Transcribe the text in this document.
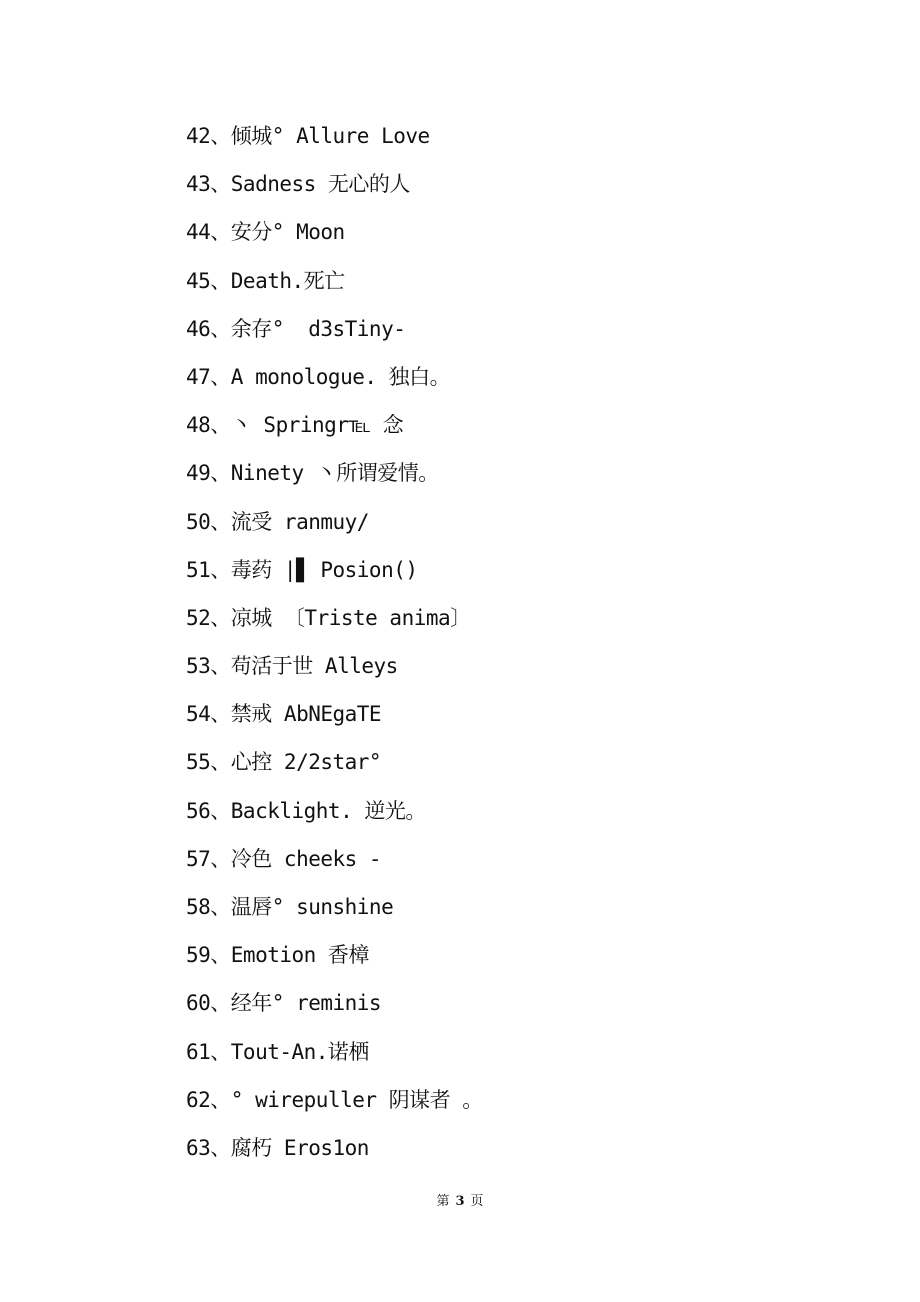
42、倾城° Allure Love
43、Sadness 无心的人
44、安分° Moon
45、Death.死亡
46、余存°  d3sTiny-
47、A monologue. 独白。
48、丶 Springr℡ 念
49、Ninety 丶所谓爱情。
50、流受 ranmuy/
51、毒药 |▋ Posion()
52、凉城 〔Triste anima〕
53、苟活于世 Alleys
54、禁戒 AbNEgaTE
55、心控 2/2star°
56、Backlight. 逆光。
57、冷色 cheeks -
58、温唇° sunshine
59、Emotion 香樟
60、经年° reminis
61、Tout-An.诺栖
62、° wirepuller 阴谋者 。
63、腐朽 Eros1on
第 3 页
